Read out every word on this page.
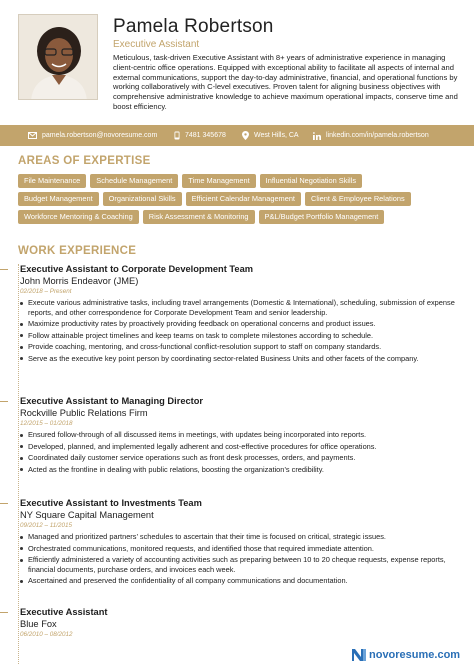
Pamela Robertson
Executive Assistant
Meticulous, task-driven Executive Assistant with 8+ years of administrative experience in managing client-centric office operations. Equipped with exceptional ability to facilitate all aspects of internal and external communications, support the day-to-day administrative, financial, and operational functions by working collaboratively with C-level executives. Proven talent for aligning business objectives with comprehensive administrative knowledge to achieve maximum operational impacts, conserve time and boost efficiency.
pamela.robertson@novoresume.com	7481 345678	West Hills, CA	linkedin.com/in/pamela.robertson
AREAS OF EXPERTISE
File Maintenance	Schedule Management	Time Management	Influential Negotiation Skills
Budget Management	Organizational Skills	Efficient Calendar Management	Client & Employee Relations
Workforce Mentoring & Coaching	Risk Assessment & Monitoring	P&L/Budget Portfolio Management
WORK EXPERIENCE
Executive Assistant to Corporate Development Team
John Morris Endeavor (JME)
02/2018 – Present
Execute various administrative tasks, including travel arrangements (Domestic & International), scheduling, submission of expense reports, and other correspondence for Corporate Development Team and senior leadership.
Maximize productivity rates by proactively providing feedback on operational concerns and product issues.
Follow attainable project timelines and keep teams on task to complete milestones according to schedule.
Provide coaching, mentoring, and cross-functional conflict-resolution support to staff on company standards.
Serve as the executive key point person by coordinating sector-related Business Units and other facets of the company.
Executive Assistant to Managing Director
Rockville Public Relations Firm
12/2015 – 01/2018
Ensured follow-through of all discussed items in meetings, with updates being incorporated into reports.
Developed, planned, and implemented legally adherent and cost-effective procedures for office operations.
Coordinated daily customer service operations such as front desk processes, orders, and payments.
Acted as the frontline in dealing with public relations, boosting the organization’s credibility.
Executive Assistant to Investments Team
NY Square Capital Management
09/2012 – 11/2015
Managed and prioritized partners’ schedules to ascertain that their time is focused on critical, strategic issues.
Orchestrated communications, monitored requests, and identified those that required immediate attention.
Efficiently administered a variety of accounting activities such as preparing between 10 to 20 cheque requests, expense reports, financial documents, purchase orders, and invoices each week.
Ascertained and preserved the confidentiality of all company communications and documentation.
Executive Assistant
Blue Fox
06/2010 – 08/2012
novoresume.com
